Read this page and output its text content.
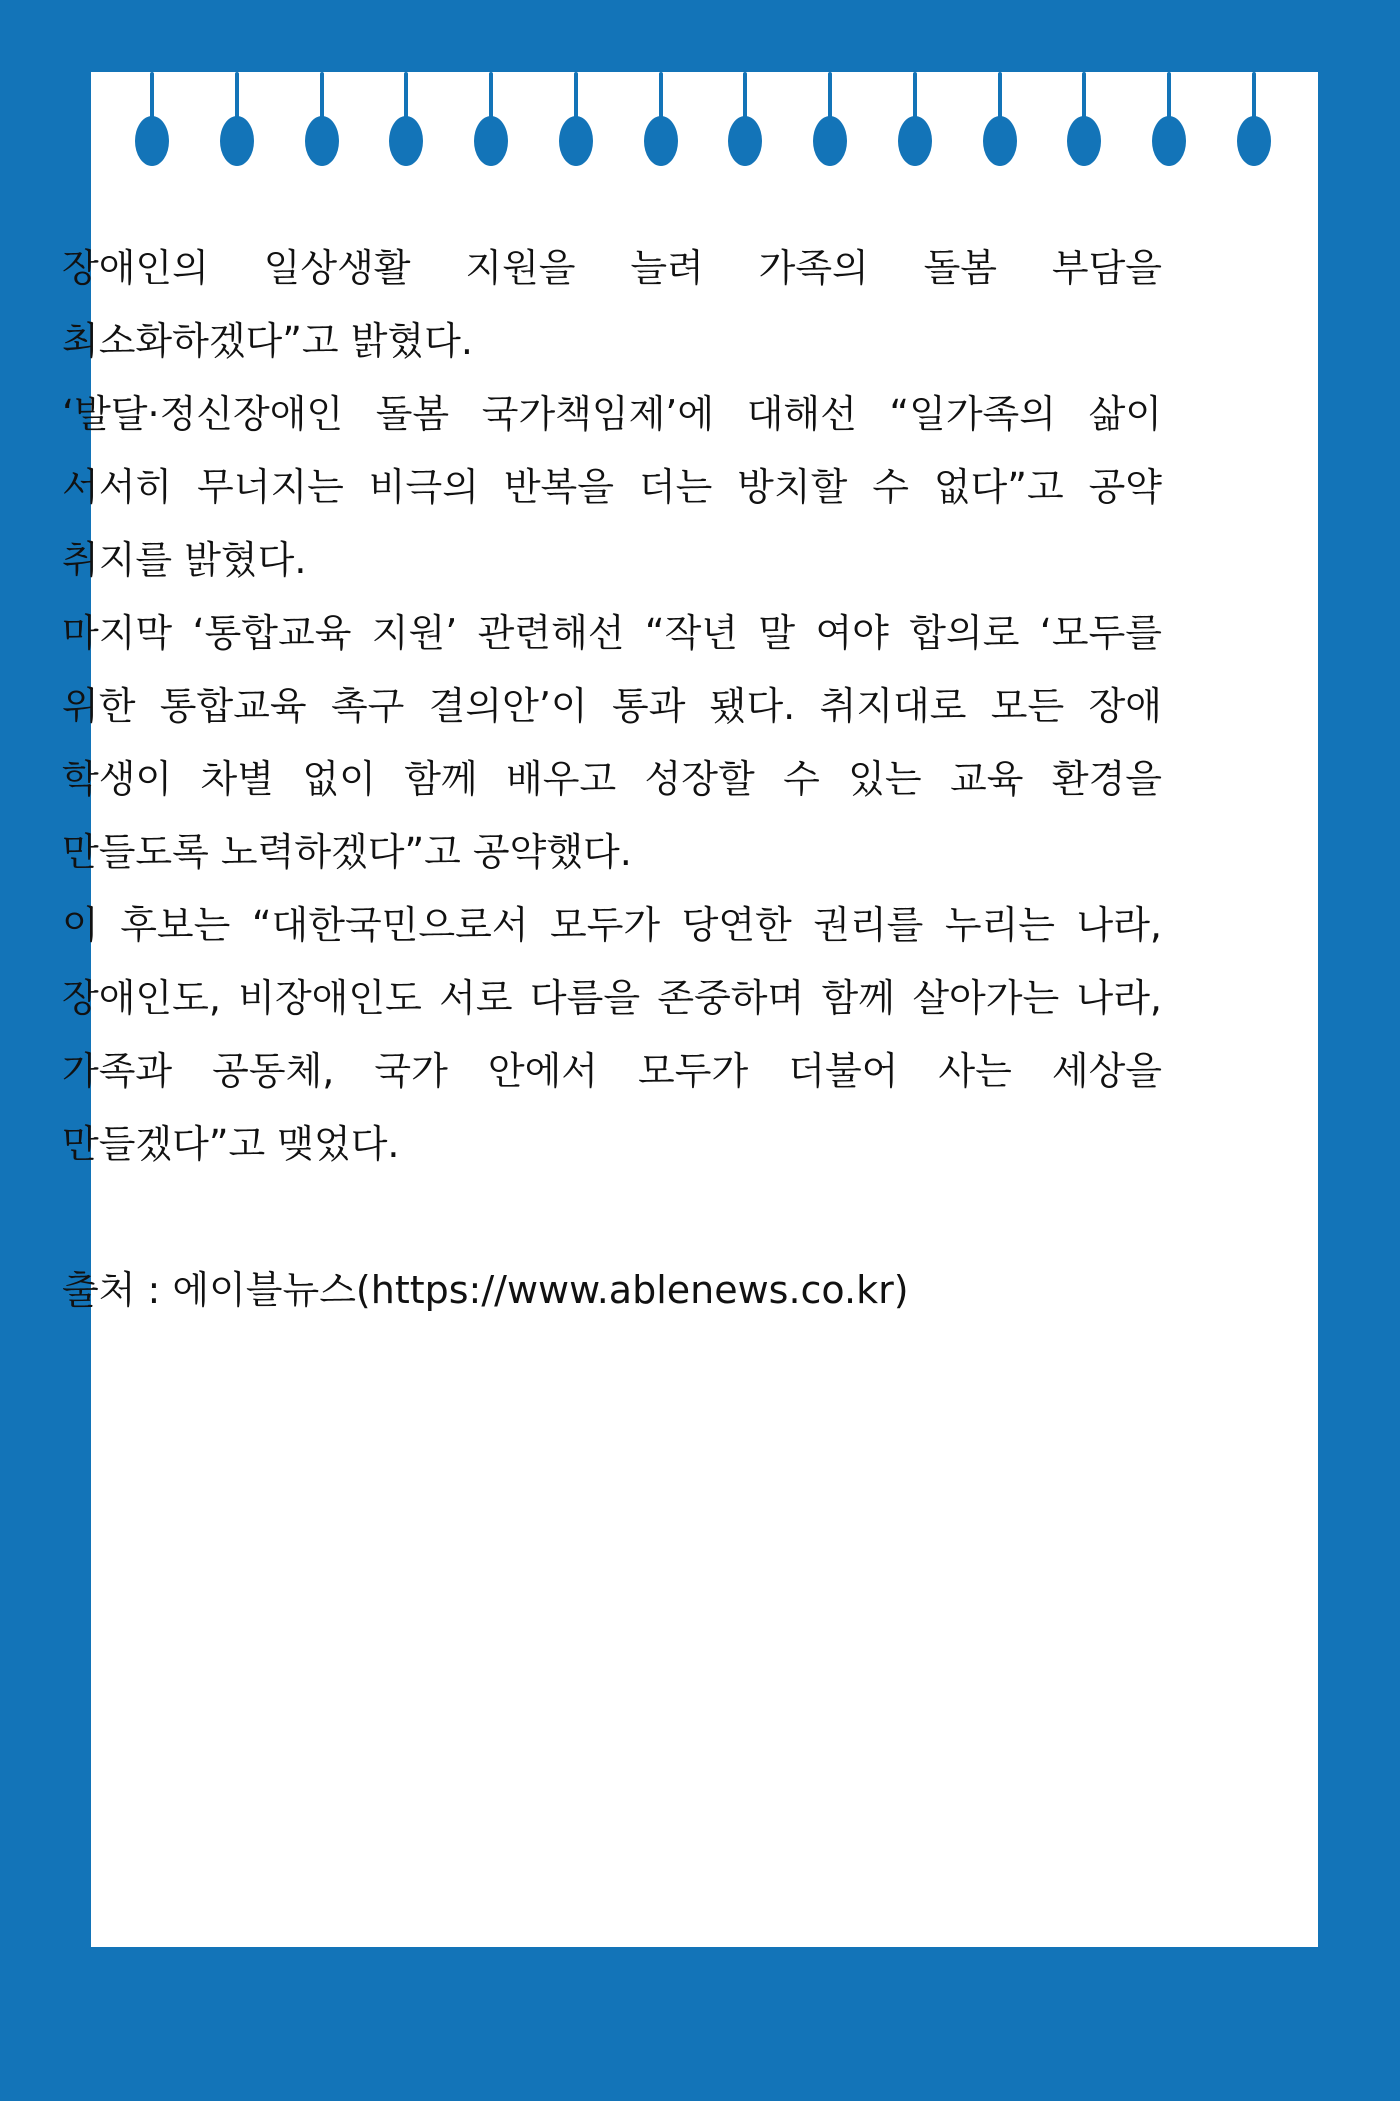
장애인의 일상생활 지원을 늘려 가족의 돌봄 부담을 최소화하겠다”고 밝혔다.

‘발달·정신장애인 돌봄 국가책임제’에 대해선 “일가족의 삶이 서서히 무너지는 비극의 반복을 더는 방치할 수 없다”고 공약 취지를 밝혔다.

마지막 ‘통합교육 지원’ 관련해선 “작년 말 여야 합의로 ‘모두를 위한 통합교육 촉구 결의안’이 통과 됐다. 취지대로 모든 장애 학생이 차별 없이 함께 배우고 성장할 수 있는 교육 환경을 만들도록 노력하겠다”고 공약했다.

이 후보는 “대한국민으로서 모두가 당연한 권리를 누리는 나라,장애인도, 비장애인도 서로 다름을 존중하며 함께 살아가는 나라, 가족과 공동체, 국가 안에서 모두가 더불어 사는 세상을 만들겠다”고 맺었다.

출처 : 에이블뉴스(https://www.ablenews.co.kr)
